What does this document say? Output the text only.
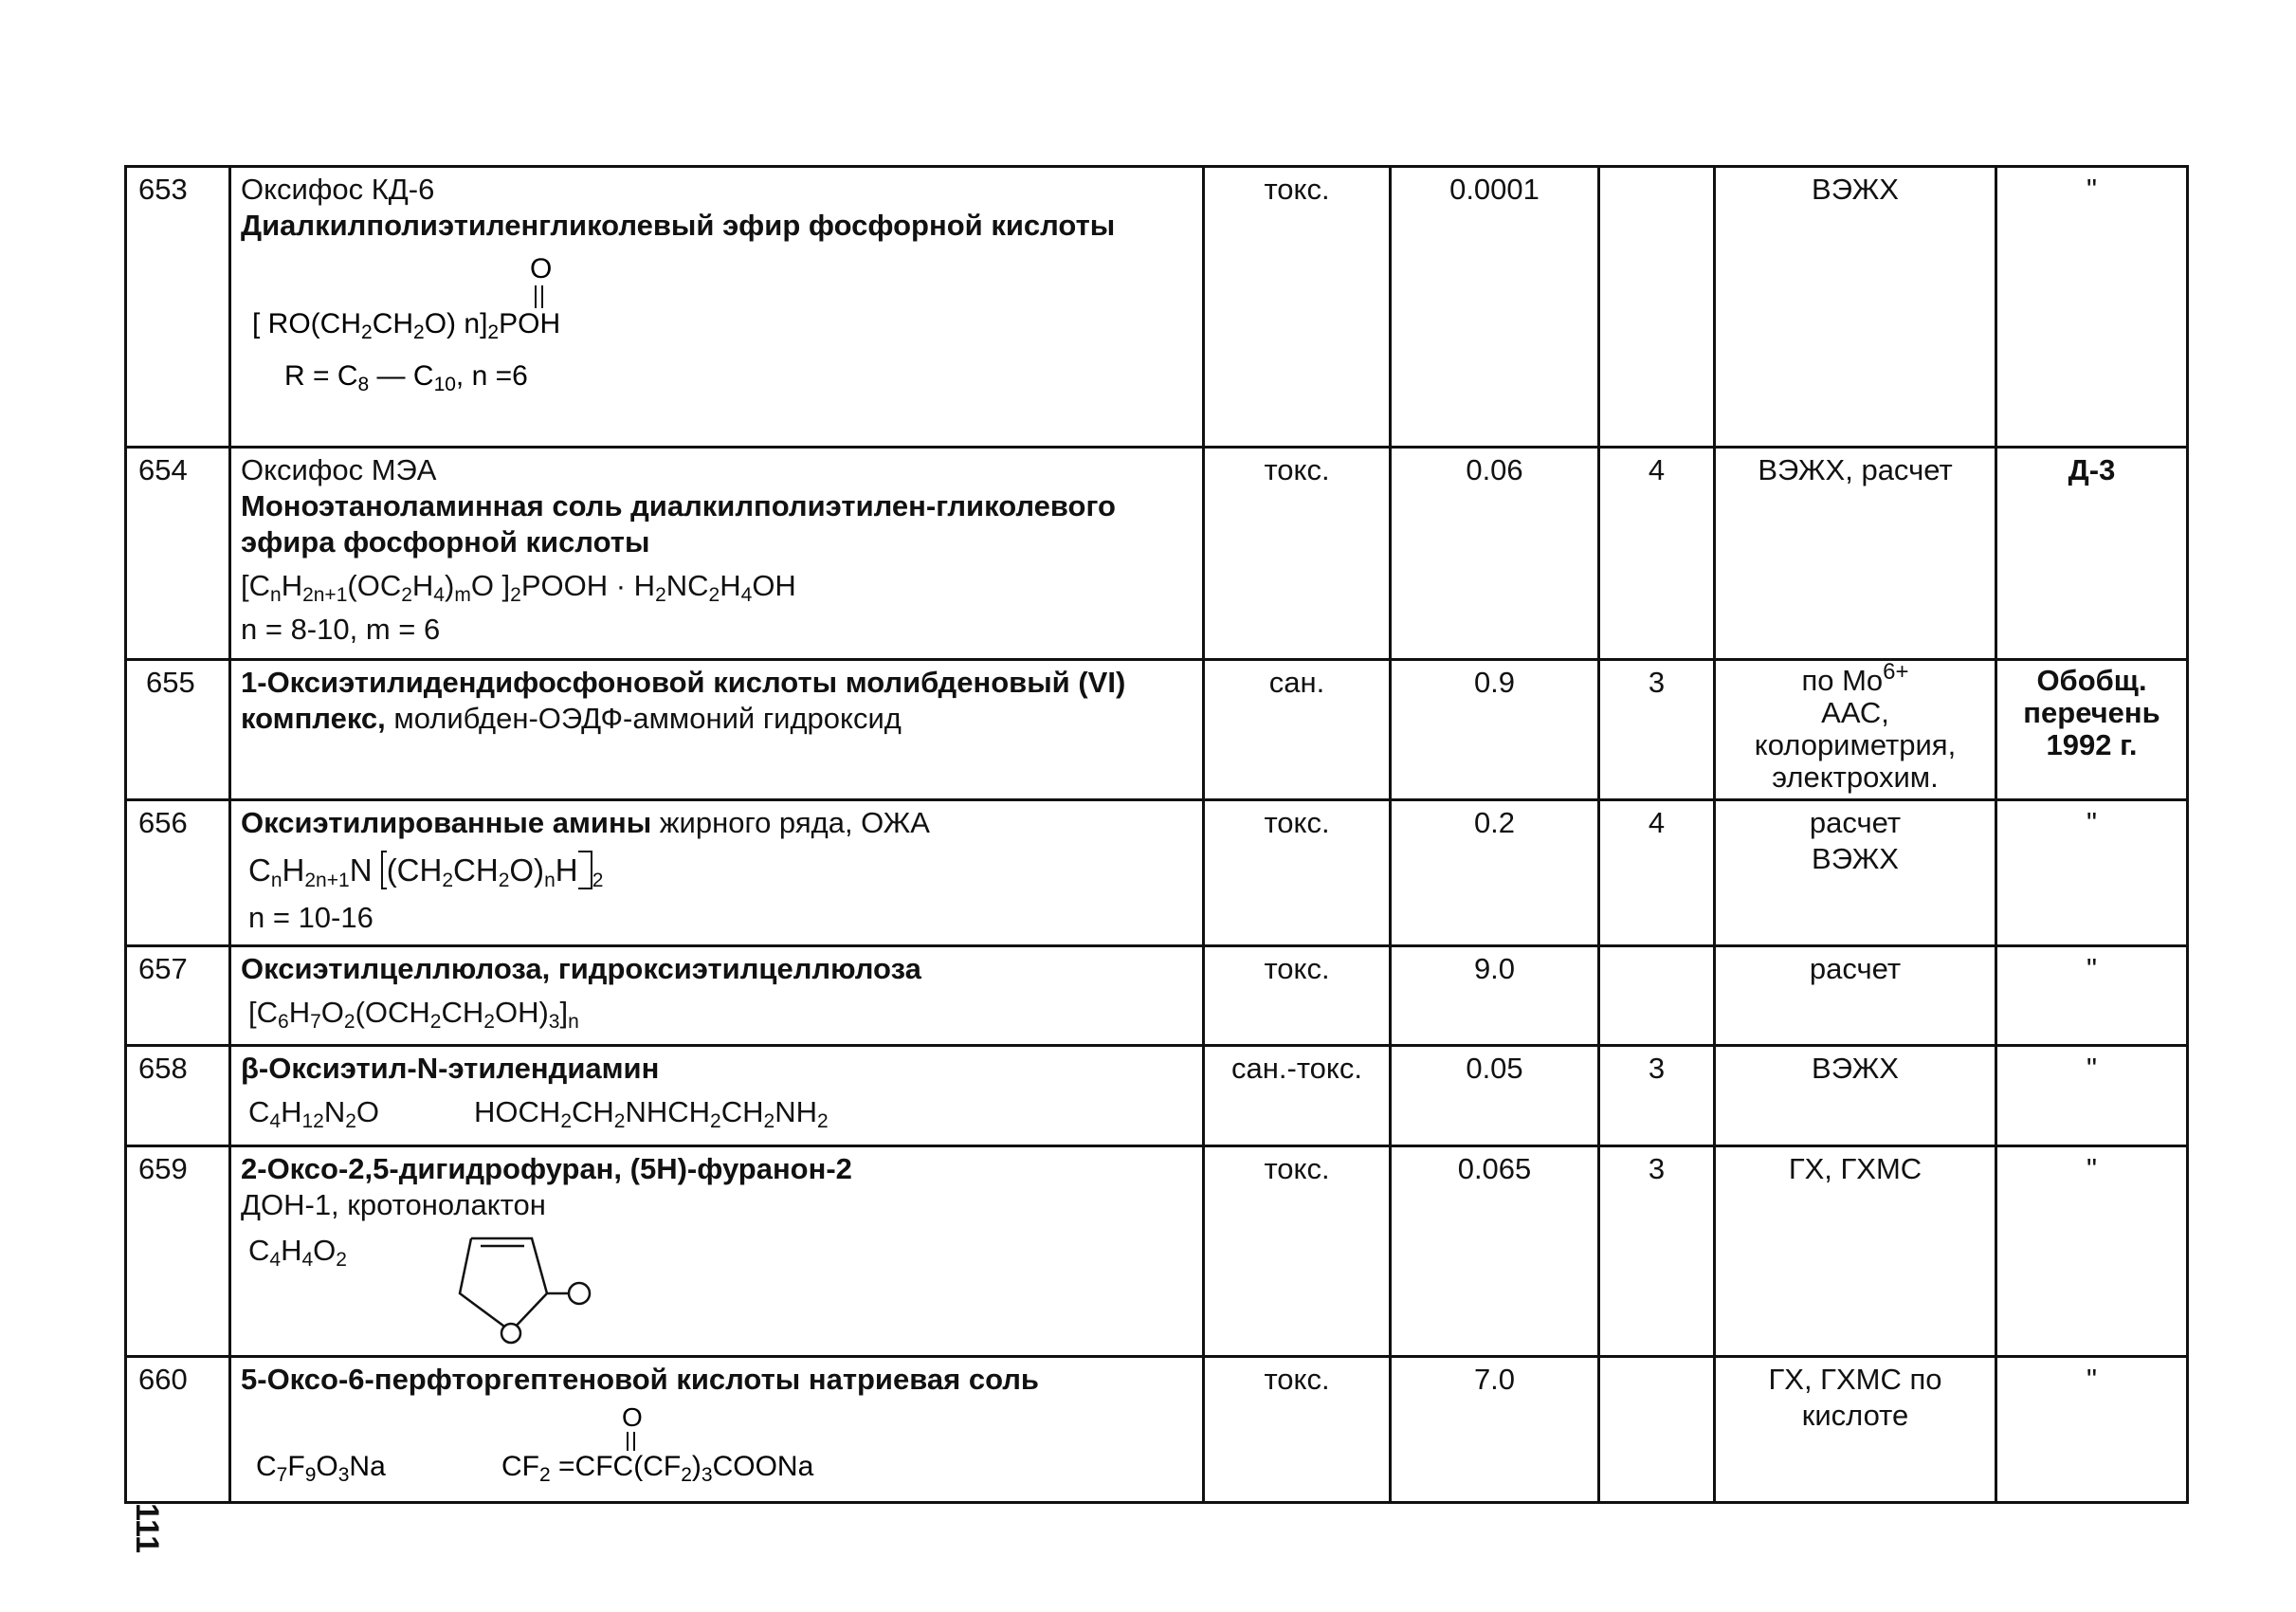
653	Оксифос КД-6
Диалкилполиэтиленгликолевый эфир фосфорной кислоты
O
[ $RO(CH_2CH_2O)$ $n]_2POH$
$R = C_8$ — $C_{10}$, n =6	токс.	0.0001		ВЭЖХ	"
654	Оксифос МЭА
Моноэтаноламинная соль диалкилполиэтилен-гликолевого эфира фосфорной кислоты
[$C_nH_{2n+1}(OC_2H_4)_mO$ ]$_2POOH \cdot H_2NC_2H_4OH$
n = 8-10, m = 6	токс.	0.06	4	ВЭЖХ, расчет	Д-3
655	1-Оксиэтилидендифосфоновой кислоты молибденовый (VI) комплекс, молибден-ОЭДФ-аммоний гидроксид	сан.	0.9	3	по $Mo^{6+}$
ААС, колориметрия, электрохим.	Обобщ. перечень 1992 г.
656	Оксиэтилированные амины жирного ряда, ОЖА
$C_nH_{2n+1}N$ $(CH_2CH_2O)_nH$ $_2$
n = 10-16	токс.	0.2	4	расчет ВЭЖХ	"
657	Оксиэтилцеллюлоза, гидроксиэтилцеллюлоза
$[C_6H_7O_2(OCH_2CH_2OH)_3]_n$	токс.	9.0		расчет	"
658	β-Оксиэтил-N-этилендиамин
$C_4H_{12}N_2O$ $HOCH_2CH_2NHCH_2CH_2NH_2$	сан.-токс.	0.05	3	ВЭЖХ	"
659	2-Оксо-2,5-дигидрофуран, (5Н)-фуранон-2
ДОН-1, кротонолактон
$C_4H_4O_2$	токс.	0.065	3	ГХ, ГХМС	"
660	5-Оксо-6-перфторгептеновой кислоты натриевая соль
O
$C_7F_9O_3Na$ $CF_2$ $=CFC(CF_2)_3COONa$	токс.	7.0		ГХ, ГХМС по кислоте	"
111
